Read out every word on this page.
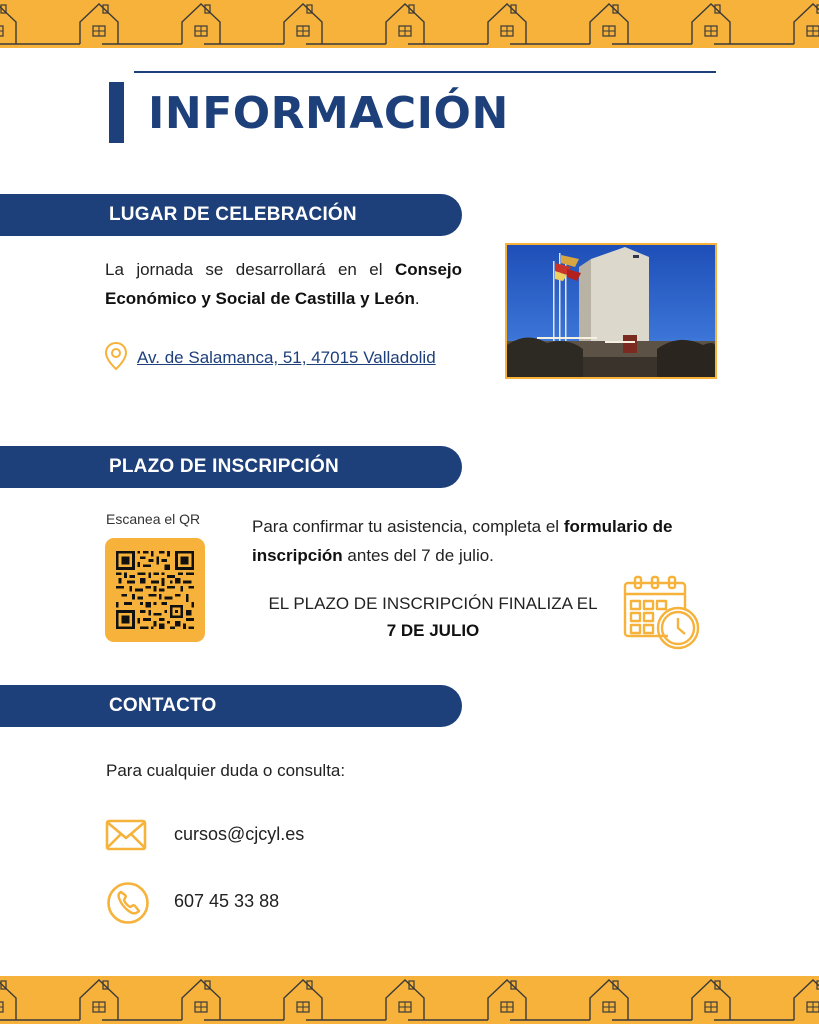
INFORMACIÓN
LUGAR DE CELEBRACIÓN

La jornada se desarrollará en el Consejo Económico y Social de Castilla y León.

Av. de Salamanca, 51, 47015 Valladolid
PLAZO DE INSCRIPCIÓN
Escanea el QR	Para confirmar tu asistencia, completa el formulario de inscripción antes del 7 de julio.

EL PLAZO DE INSCRIPCIÓN FINALIZA EL
7 DE JULIO
CONTACTO

Para cualquier duda o consulta:

cursos@cjcyl.es
607 45 33 88
